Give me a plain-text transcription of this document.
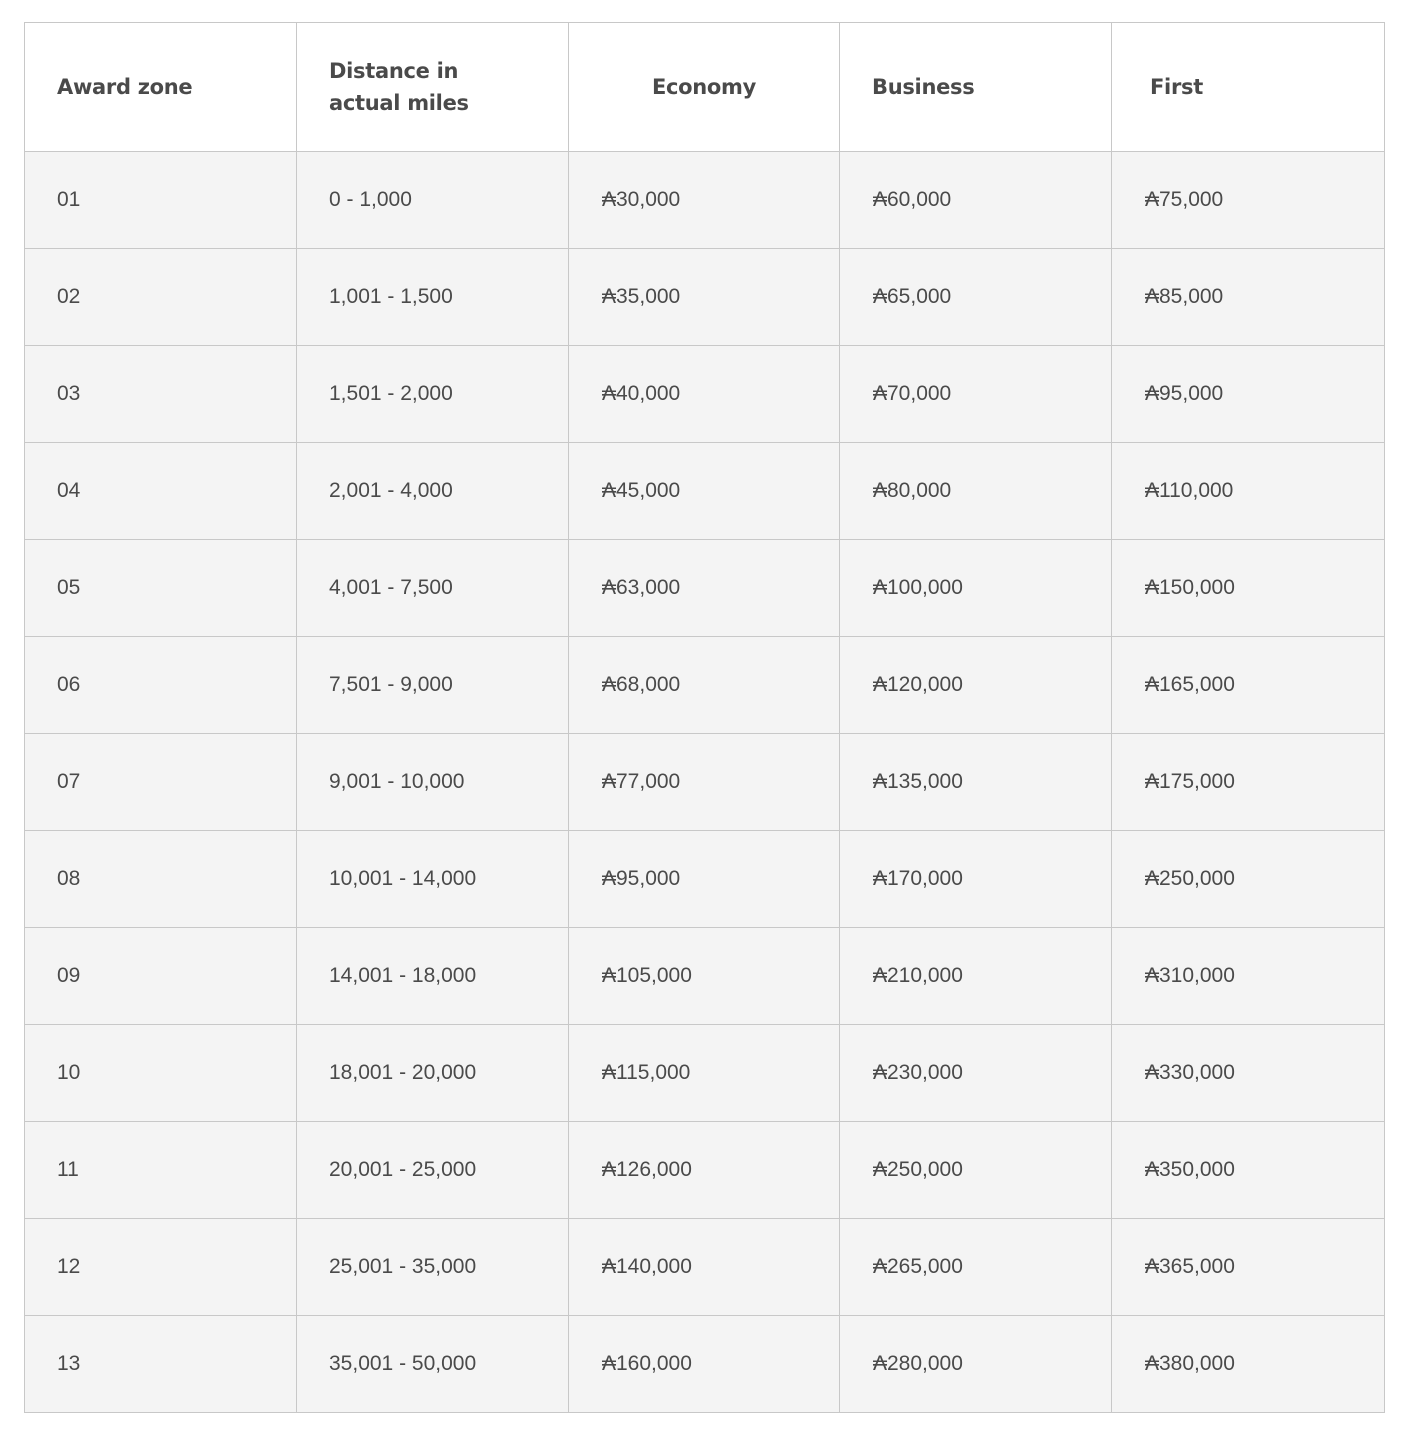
Award zone	Distance in actual miles	Economy	Business	First
01	0 - 1,000	₳30,000	₳60,000	₳75,000
02	1,001 - 1,500	₳35,000	₳65,000	₳85,000
03	1,501 - 2,000	₳40,000	₳70,000	₳95,000
04	2,001 - 4,000	₳45,000	₳80,000	₳110,000
05	4,001 - 7,500	₳63,000	₳100,000	₳150,000
06	7,501 - 9,000	₳68,000	₳120,000	₳165,000
07	9,001 - 10,000	₳77,000	₳135,000	₳175,000
08	10,001 - 14,000	₳95,000	₳170,000	₳250,000
09	14,001 - 18,000	₳105,000	₳210,000	₳310,000
10	18,001 - 20,000	₳115,000	₳230,000	₳330,000
11	20,001 - 25,000	₳126,000	₳250,000	₳350,000
12	25,001 - 35,000	₳140,000	₳265,000	₳365,000
13	35,001 - 50,000	₳160,000	₳280,000	₳380,000
